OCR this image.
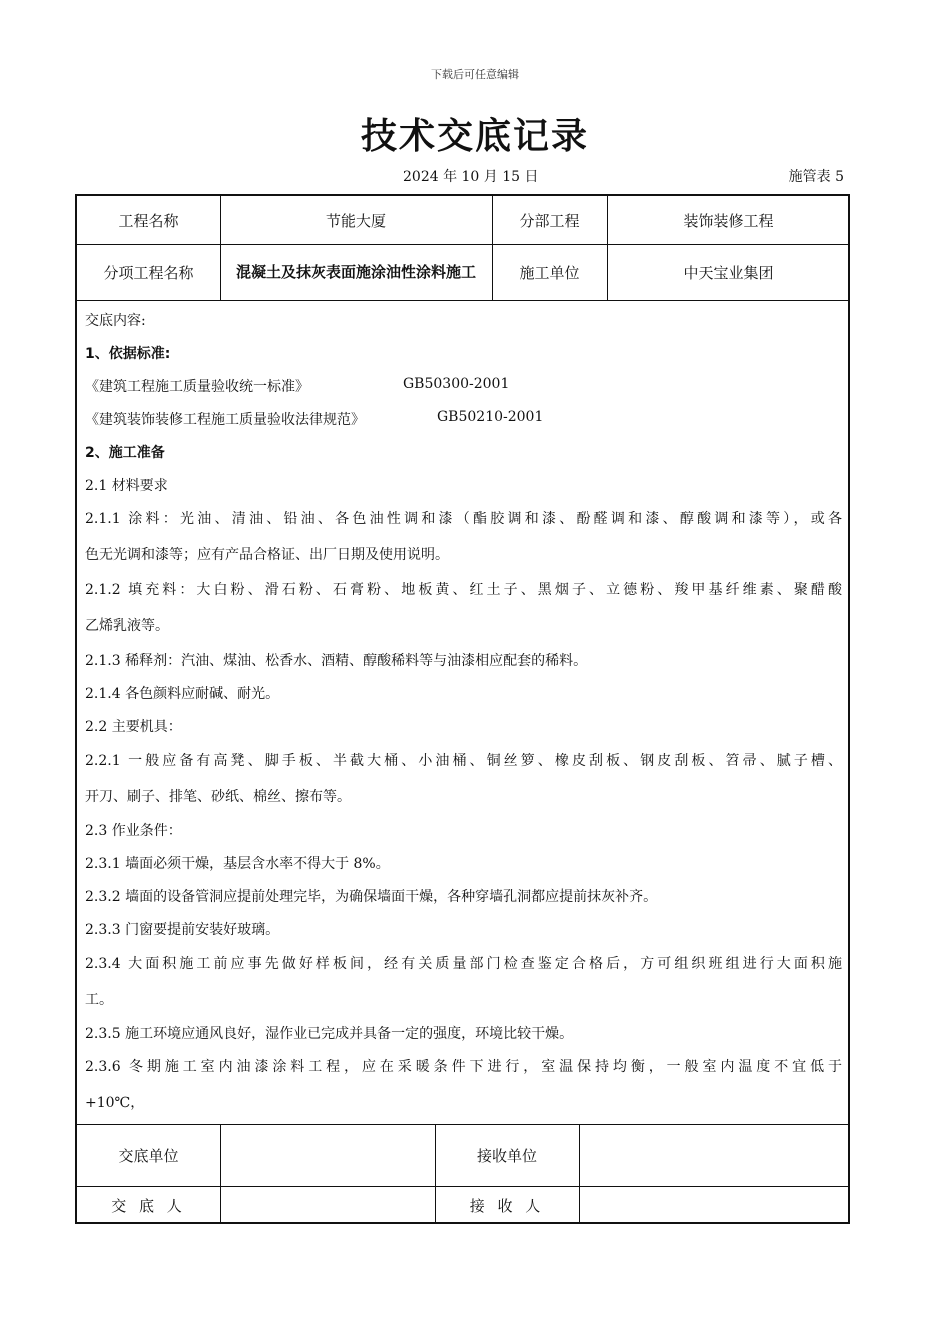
下载后可任意编辑
技术交底记录
2024 年 10 月 15 日	施管表 5
工程名称	节能大厦	分部工程	装饰装修工程
分项工程名称	混凝土及抹灰表面施涂油性涂料施工	施工单位	中天宝业集团
交底内容:
1、依据标准:
《建筑工程施工质量验收统一标准》	GB50300-2001
《建筑装饰装修工程施工质量验收法律规范》	GB50210-2001
2、施工准备
2.1 材料要求
2.1.1 涂料：光油、清油、铅油、各色油性调和漆（酯胶调和漆、酚醛调和漆、醇酸调和漆等），或各
色无光调和漆等；应有产品合格证、出厂日期及使用说明。
2.1.2 填充料：大白粉、滑石粉、石膏粉、地板黄、红土子、黑烟子、立德粉、羧甲基纤维素、聚醋酸
乙烯乳液等。
2.1.3 稀释剂：汽油、煤油、松香水、酒精、醇酸稀料等与油漆相应配套的稀料。
2.1.4 各色颜料应耐碱、耐光。
2.2 主要机具：
2.2.1 一般应备有高凳、脚手板、半截大桶、小油桶、铜丝箩、橡皮刮板、钢皮刮板、笤帚、腻子槽、
开刀、刷子、排笔、砂纸、棉丝、擦布等。
2.3 作业条件：
2.3.1 墙面必须干燥，基层含水率不得大于 8%。
2.3.2 墙面的设备管洞应提前处理完毕，为确保墙面干燥，各种穿墙孔洞都应提前抹灰补齐。
2.3.3 门窗要提前安装好玻璃。
2.3.4 大面积施工前应事先做好样板间，经有关质量部门检查鉴定合格后，方可组织班组进行大面积施
工。
2.3.5 施工环境应通风良好，湿作业已完成并具备一定的强度，环境比较干燥。
2.3.6 冬期施工室内油漆涂料工程，应在采暖条件下进行，室温保持均衡，一般室内温度不宜低于
+10℃，
交底单位	接收单位
交 底 人	接 收 人
